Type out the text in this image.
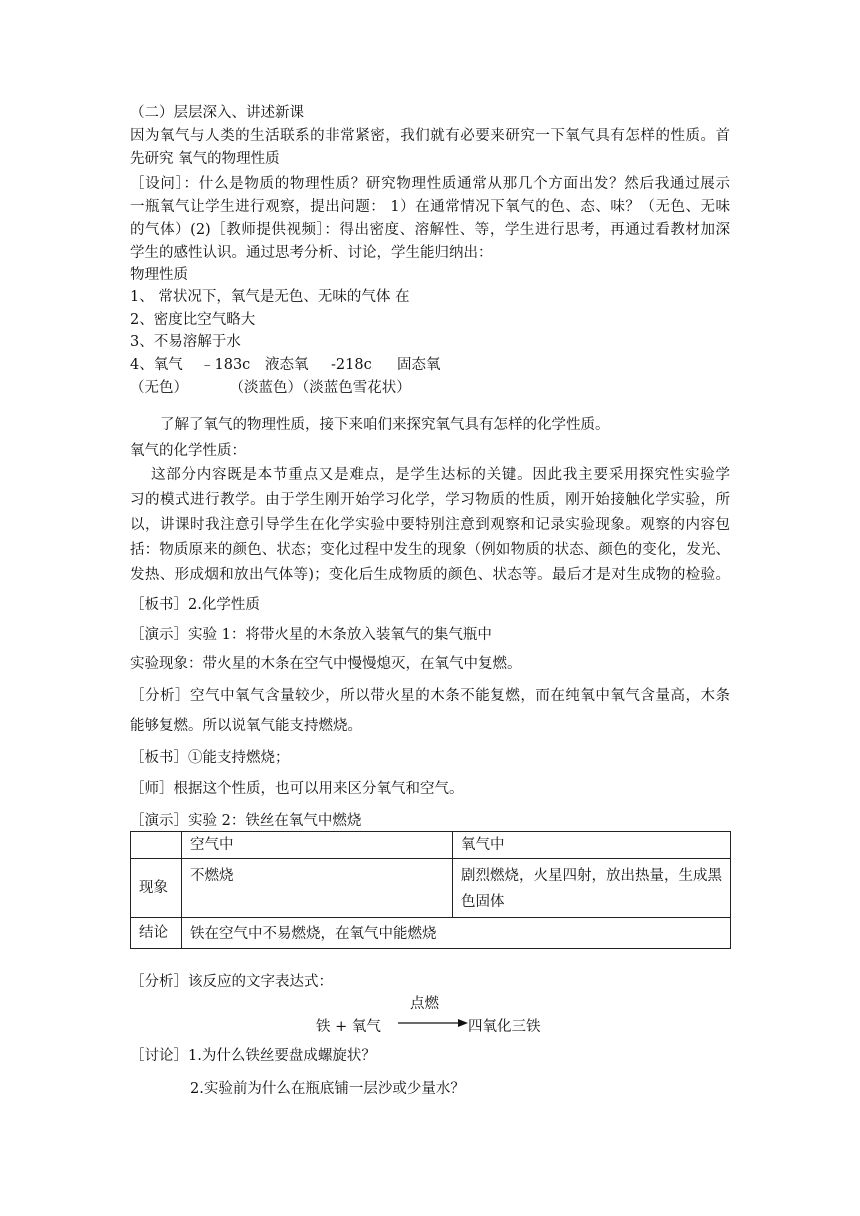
（二）层层深入、讲述新课
因为氧气与人类的生活联系的非常紧密，我们就有必要来研究一下氧气具有怎样的性质。首
先研究 氧气的物理性质
［设问］：什么是物质的物理性质？研究物理性质通常从那几个方面出发？然后我通过展示
一瓶氧气让学生进行观察，提出问题： 1）在通常情况下氧气的色、态、味？（无色、无味
的气体）(2)［教师提供视频］：得出密度、溶解性、等，学生进行思考，再通过看教材加深
学生的感性认识。通过思考分析、讨论，学生能归纳出：
物理性质
1、 常状况下，氧气是无色、无味的气体 在
2、密度比空气略大
3、不易溶解于水
4、氧气 ﹣183c 液态氧 -218c 固态氧
（无色）         （淡蓝色）（淡蓝色雪花状）
了解了氧气的物理性质，接下来咱们来探究氧气具有怎样的化学性质。
氧气的化学性质：
这部分内容既是本节重点又是难点，是学生达标的关键。因此我主要采用探究性实验学
习的模式进行教学。由于学生刚开始学习化学，学习物质的性质，刚开始接触化学实验，所
以，讲课时我注意引导学生在化学实验中要特别注意到观察和记录实验现象。观察的内容包
括：物质原来的颜色、状态；变化过程中发生的现象（例如物质的状态、颜色的变化，发光、
发热、形成烟和放出气体等)；变化后生成物质的颜色、状态等。最后才是对生成物的检验。
［板书］2.化学性质
［演示］实验 1：将带火星的木条放入装氧气的集气瓶中
实验现象：带火星的木条在空气中慢慢熄灭，在氧气中复燃。
［分析］空气中氧气含量较少，所以带火星的木条不能复燃，而在纯氧中氧气含量高，木条
能够复燃。所以说氧气能支持燃烧。
［板书］①能支持燃烧；
［师］根据这个性质，也可以用来区分氧气和空气。
［演示］实验 2：铁丝在氧气中燃烧
	空气中	氧气中
现象	不燃烧	剧烈燃烧，火星四射，放出热量，生成黑
色固体

结论	铁在空气中不易燃烧，在氧气中能燃烧	
［分析］该反应的文字表达式：
点燃
铁 + 氧气	四氧化三铁
［讨论］1.为什么铁丝要盘成螺旋状？
2.实验前为什么在瓶底铺一层沙或少量水？
